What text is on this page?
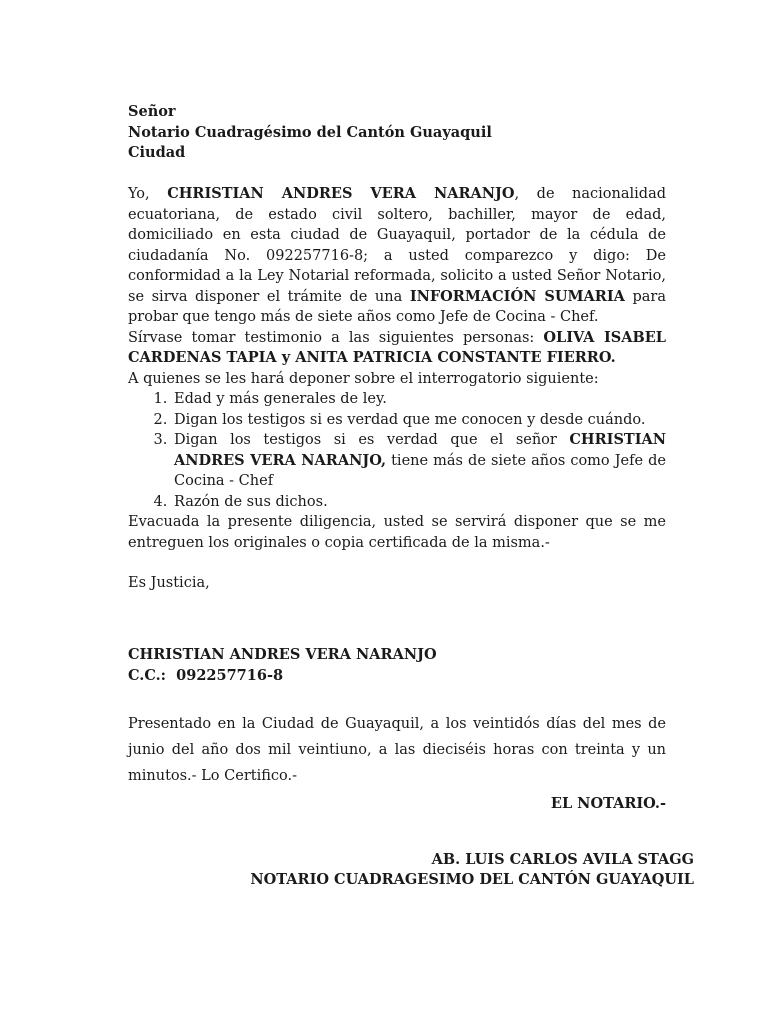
Señor
Notario Cuadragésimo del Cantón Guayaquil
Ciudad
Yo, CHRISTIAN ANDRES VERA NARANJO, de nacionalidad ecuatoriana, de estado civil soltero, bachiller, mayor de edad, domiciliado en esta ciudad de Guayaquil, portador de la cédula de ciudadanía No. 092257716-8; a usted comparezco y digo: De conformidad a la Ley Notarial reformada, solicito a usted Señor Notario, se sirva disponer el trámite de una INFORMACIÓN SUMARIA para probar que tengo más de siete años como Jefe de Cocina - Chef.
Sírvase tomar testimonio a las siguientes personas: OLIVA ISABEL CARDENAS TAPIA y ANITA PATRICIA CONSTANTE FIERRO.
A quienes se les hará deponer sobre el interrogatorio siguiente:
1. Edad y más generales de ley.
2. Digan los testigos si es verdad que me conocen y desde cuándo.
3. Digan los testigos si es verdad que el señor CHRISTIAN ANDRES VERA NARANJO, tiene más de siete años como Jefe de Cocina - Chef
4. Razón de sus dichos.
Evacuada la presente diligencia, usted se servirá disponer que se me entreguen los originales o copia certificada de la misma.-
Es Justicia,
CHRISTIAN ANDRES VERA NARANJO
C.C.: 092257716-8
Presentado en la Ciudad de Guayaquil, a los veintidós días del mes de junio del año dos mil veintiuno, a las dieciséis horas con treinta y un minutos.- Lo Certifico.-
EL NOTARIO.-
AB. LUIS CARLOS AVILA STAGG
NOTARIO CUADRAGESIMO DEL CANTÓN GUAYAQUIL
